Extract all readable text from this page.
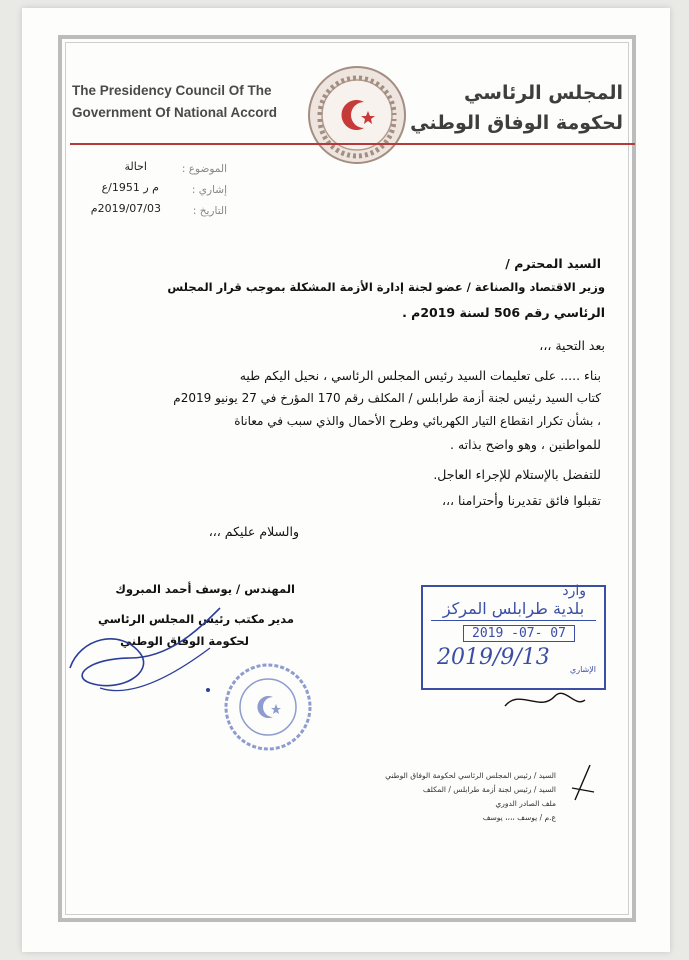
The Presidency Council Of The
Government Of National Accord
المجلس الرئاسي
لحكومة الوفاق الوطني
الموضوع :
احالة
إشاري :
م ر 1951/ع
التاريخ :
2019/07/03م
السيد المحترم /
وزير الاقتصاد والصناعة / عضو لجنة إدارة الأزمة المشكلة بموجب قرار المجلس
الرئاسي رقم 506 لسنة 2019م .
بعد التحية ،،،
بناء ..... على تعليمات السيد رئيس المجلس الرئاسي ، نحيل اليكم طيه
كتاب السيد رئيس لجنة أزمة طرابلس / المكلف رقم 170 المؤرخ في 27 يونيو 2019م
، بشأن تكرار انقطاع التيار الكهربائي وطرح الأحمال والذي سبب في معاناة
للمواطنين ، وهو واضح بذاته .
للتفضل بالإستلام للإجراء العاجل.
تقبلوا فائق تقديرنا وأحترامنا ،،،
والسلام عليكم ،،،
المهندس / يوسف أحمد المبروك
مدير مكتب رئيس المجلس الرئاسي
لحكومة الوفاق الوطني
وارد
بلدية طرابلس المركز
2019 -07- 07
2019/9/13	الإشاري
السيد / رئيس المجلس الرئاسي لحكومة الوفاق الوطني
السيد / رئيس لجنة أزمة طرابلس / المكلف
ملف الصادر الدوري
ع.م / يوسف ،،،، يوسف
